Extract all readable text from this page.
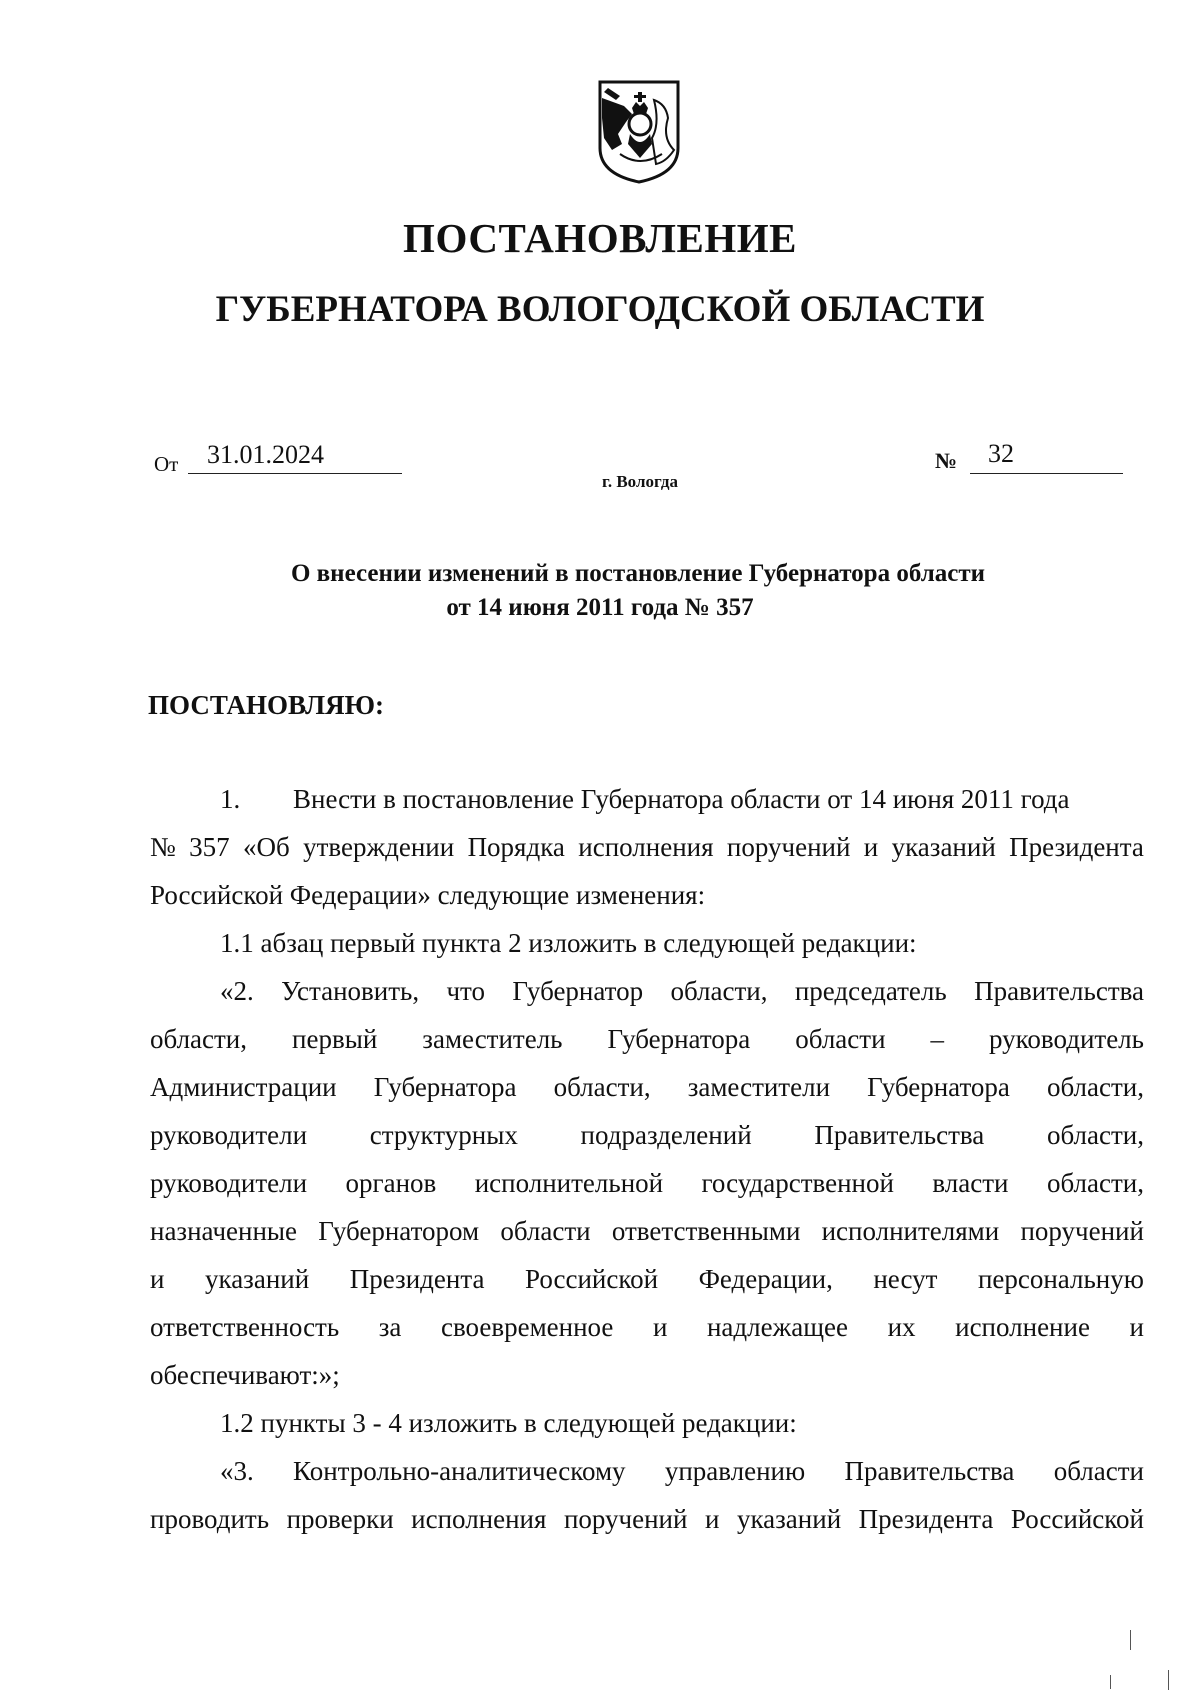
ПОСТАНОВЛЕНИЕ
ГУБЕРНАТОРА ВОЛОГОДСКОЙ ОБЛАСТИ
От 31.01.2024	№ 32
г. Вологда
О внесении изменений в постановление Губернатора области
от 14 июня 2011 года № 357
ПОСТАНОВЛЯЮ:
1. Внести в постановление Губернатора области от 14 июня 2011 года
№ 357 «Об утверждении Порядка исполнения поручений и указаний Президента
Российской Федерации» следующие изменения:
1.1 абзац первый пункта 2 изложить в следующей редакции:
«2. Установить, что Губернатор области, председатель Правительства
области, первый заместитель Губернатора области – руководитель
Администрации Губернатора области, заместители Губернатора области,
руководители структурных подразделений Правительства области,
руководители органов исполнительной государственной власти области,
назначенные Губернатором области ответственными исполнителями поручений
и указаний Президента Российской Федерации, несут персональную
ответственность за своевременное и надлежащее их исполнение и
обеспечивают:»;
1.2 пункты 3 - 4 изложить в следующей редакции:
«3. Контрольно-аналитическому управлению Правительства области
проводить проверки исполнения поручений и указаний Президента Российской
